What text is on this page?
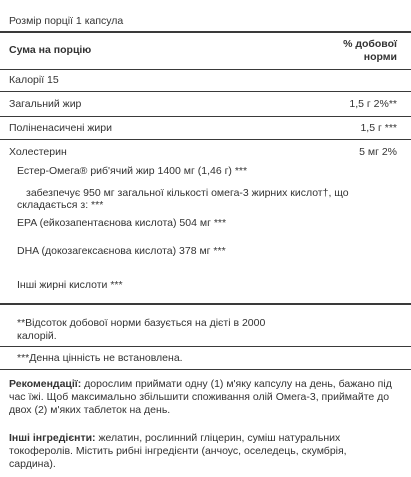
Розмір порції 1 капсула
Сума на порцію	% добової
норми
Калорії 15
Загальний жир	1,5 г 2%**
Поліненасичені жири	1,5 г ***
Холестерин	5 мг 2%
Естер-Омега® риб'ячий жир 1400 мг (1,46 г) ***
забезпечує 950 мг загальної кількості омега-3 жирних кислот†, що
складається з: ***
EPA (ейкозапентаєнова кислота) 504 мг ***
DHA (докозагексаєнова кислота) 378 мг ***
Інші жирні кислоти ***
**Відсоток добової норми базується на дієті в 2000
калорій.
***Денна цінність не встановлена.
Рекомендації: дорослим приймати одну (1) м'яку капсулу на день, бажано під
час їжі. Щоб максимально збільшити споживання олій Омега-3, приймайте до
двох (2) м'яких таблеток на день.
Інші інгредієнти: желатин, рослинний гліцерин, суміш натуральних
токоферолів. Містить рибні інгредієнти (анчоус, оселедець, скумбрія,
сардина).
